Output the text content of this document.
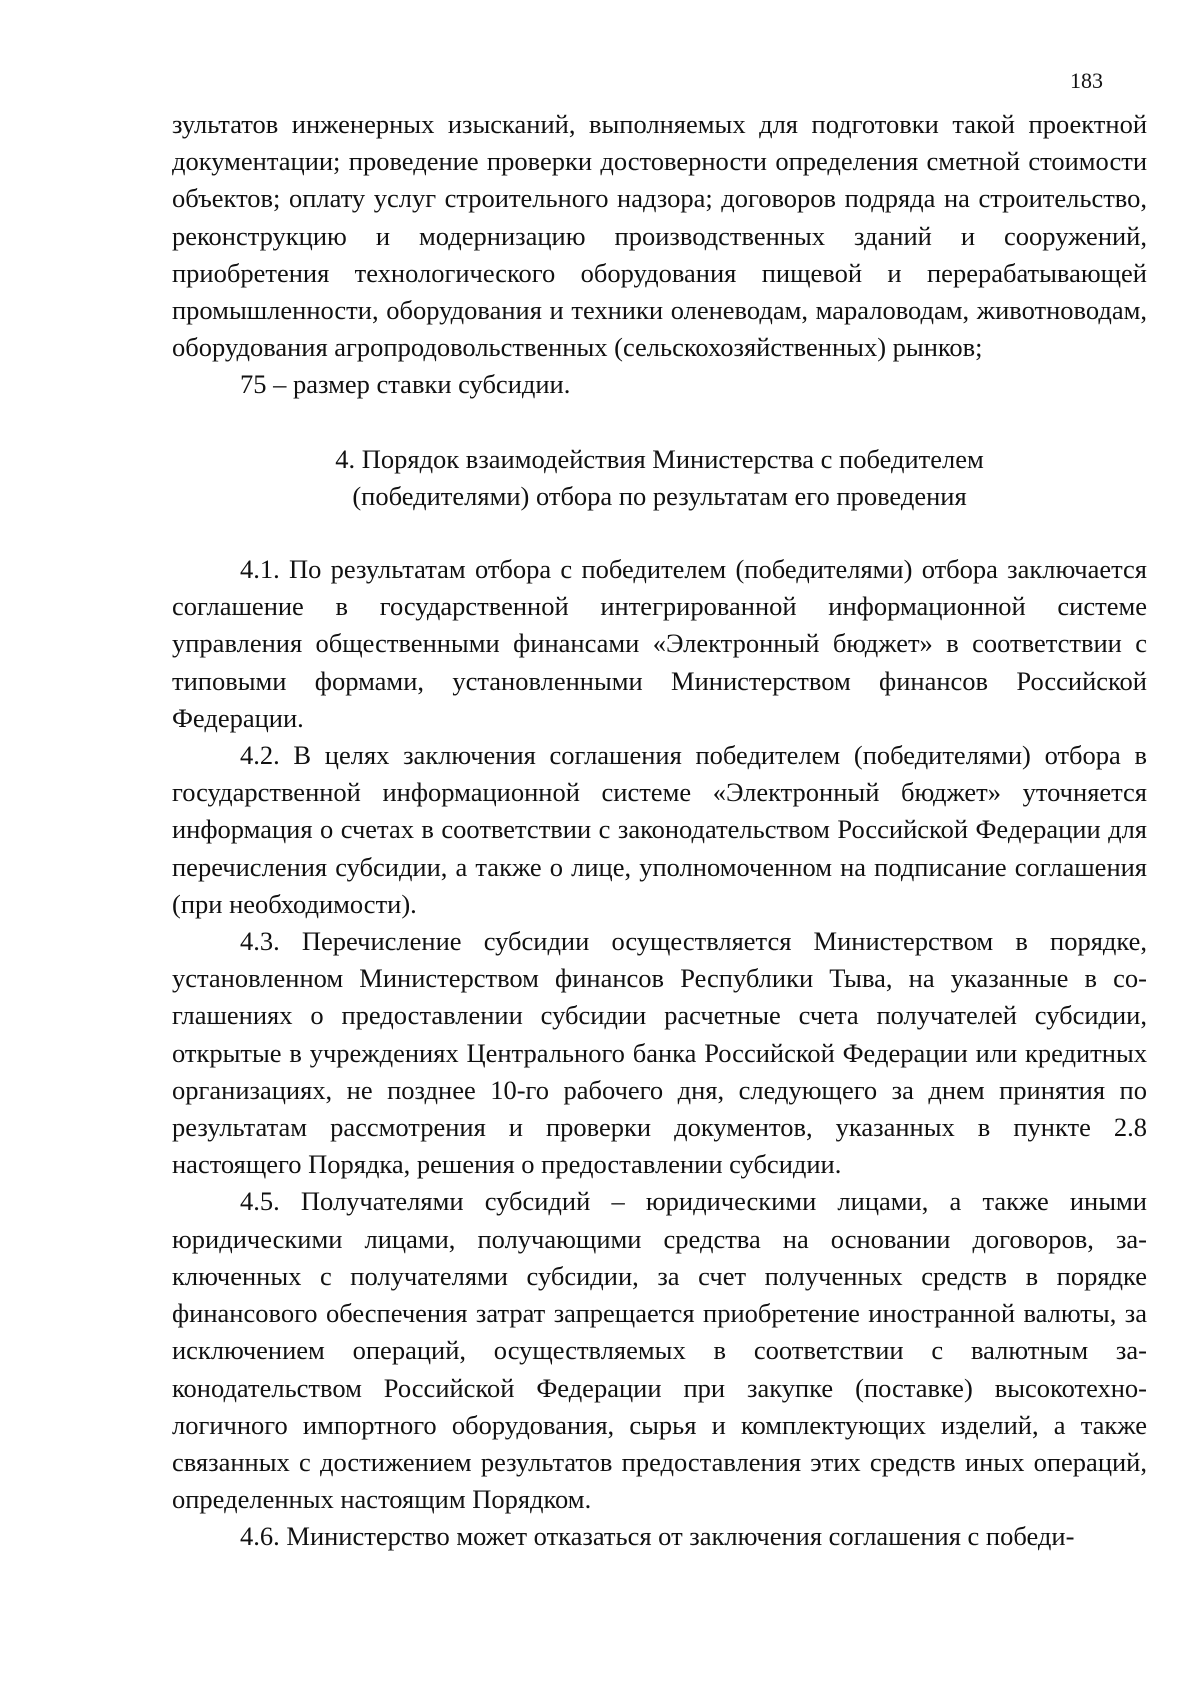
183

зультатов инженерных изысканий, выполняемых для подготовки такой проектной документации; проведение проверки достоверности определения сметной стоимости объектов; оплату услуг строительного надзора; договоров подряда на строительство, реконструкцию и модернизацию производственных зданий и сооружений, приобретения технологического оборудования пищевой и перерабатывающей промышленности, оборудования и техники оленеводам, мараловодам, животноводам, оборудования агропродовольственных (сельскохозяйственных) рынков;

75 – размер ставки субсидии.

4. Порядок взаимодействия Министерства с победителем
(победителями) отбора по результатам его проведения

4.1. По результатам отбора с победителем (победителями) отбора заключается соглашение в государственной интегрированной информационной системе управления общественными финансами «Электронный бюджет» в соответствии с типовыми формами, установленными Министерством финансов Российской Федерации.

4.2. В целях заключения соглашения победителем (победителями) отбора в государственной информационной системе «Электронный бюджет» уточняется информация о счетах в соответствии с законодательством Российской Федерации для перечисления субсидии, а также о лице, уполномоченном на подписание соглашения (при необходимости).

4.3. Перечисление субсидии осуществляется Министерством в порядке, установленном Министерством финансов Республики Тыва, на указанные в соглашениях о предоставлении субсидии расчетные счета получателей субсидии, открытые в учреждениях Центрального банка Российской Федерации или кредитных организациях, не позднее 10-го рабочего дня, следующего за днем принятия по результатам рассмотрения и проверки документов, указанных в пункте 2.8 настоящего Порядка, решения о предоставлении субсидии.

4.5. Получателями субсидий – юридическими лицами, а также иными юридическими лицами, получающими средства на основании договоров, заключенных с получателями субсидии, за счет полученных средств в порядке финансового обеспечения затрат запрещается приобретение иностранной валюты, за исключением операций, осуществляемых в соответствии с валютным законодательством Российской Федерации при закупке (поставке) высокотехнологичного импортного оборудования, сырья и комплектующих изделий, а также связанных с достижением результатов предоставления этих средств иных операций, определенных настоящим Порядком.

4.6. Министерство может отказаться от заключения соглашения с победи-
